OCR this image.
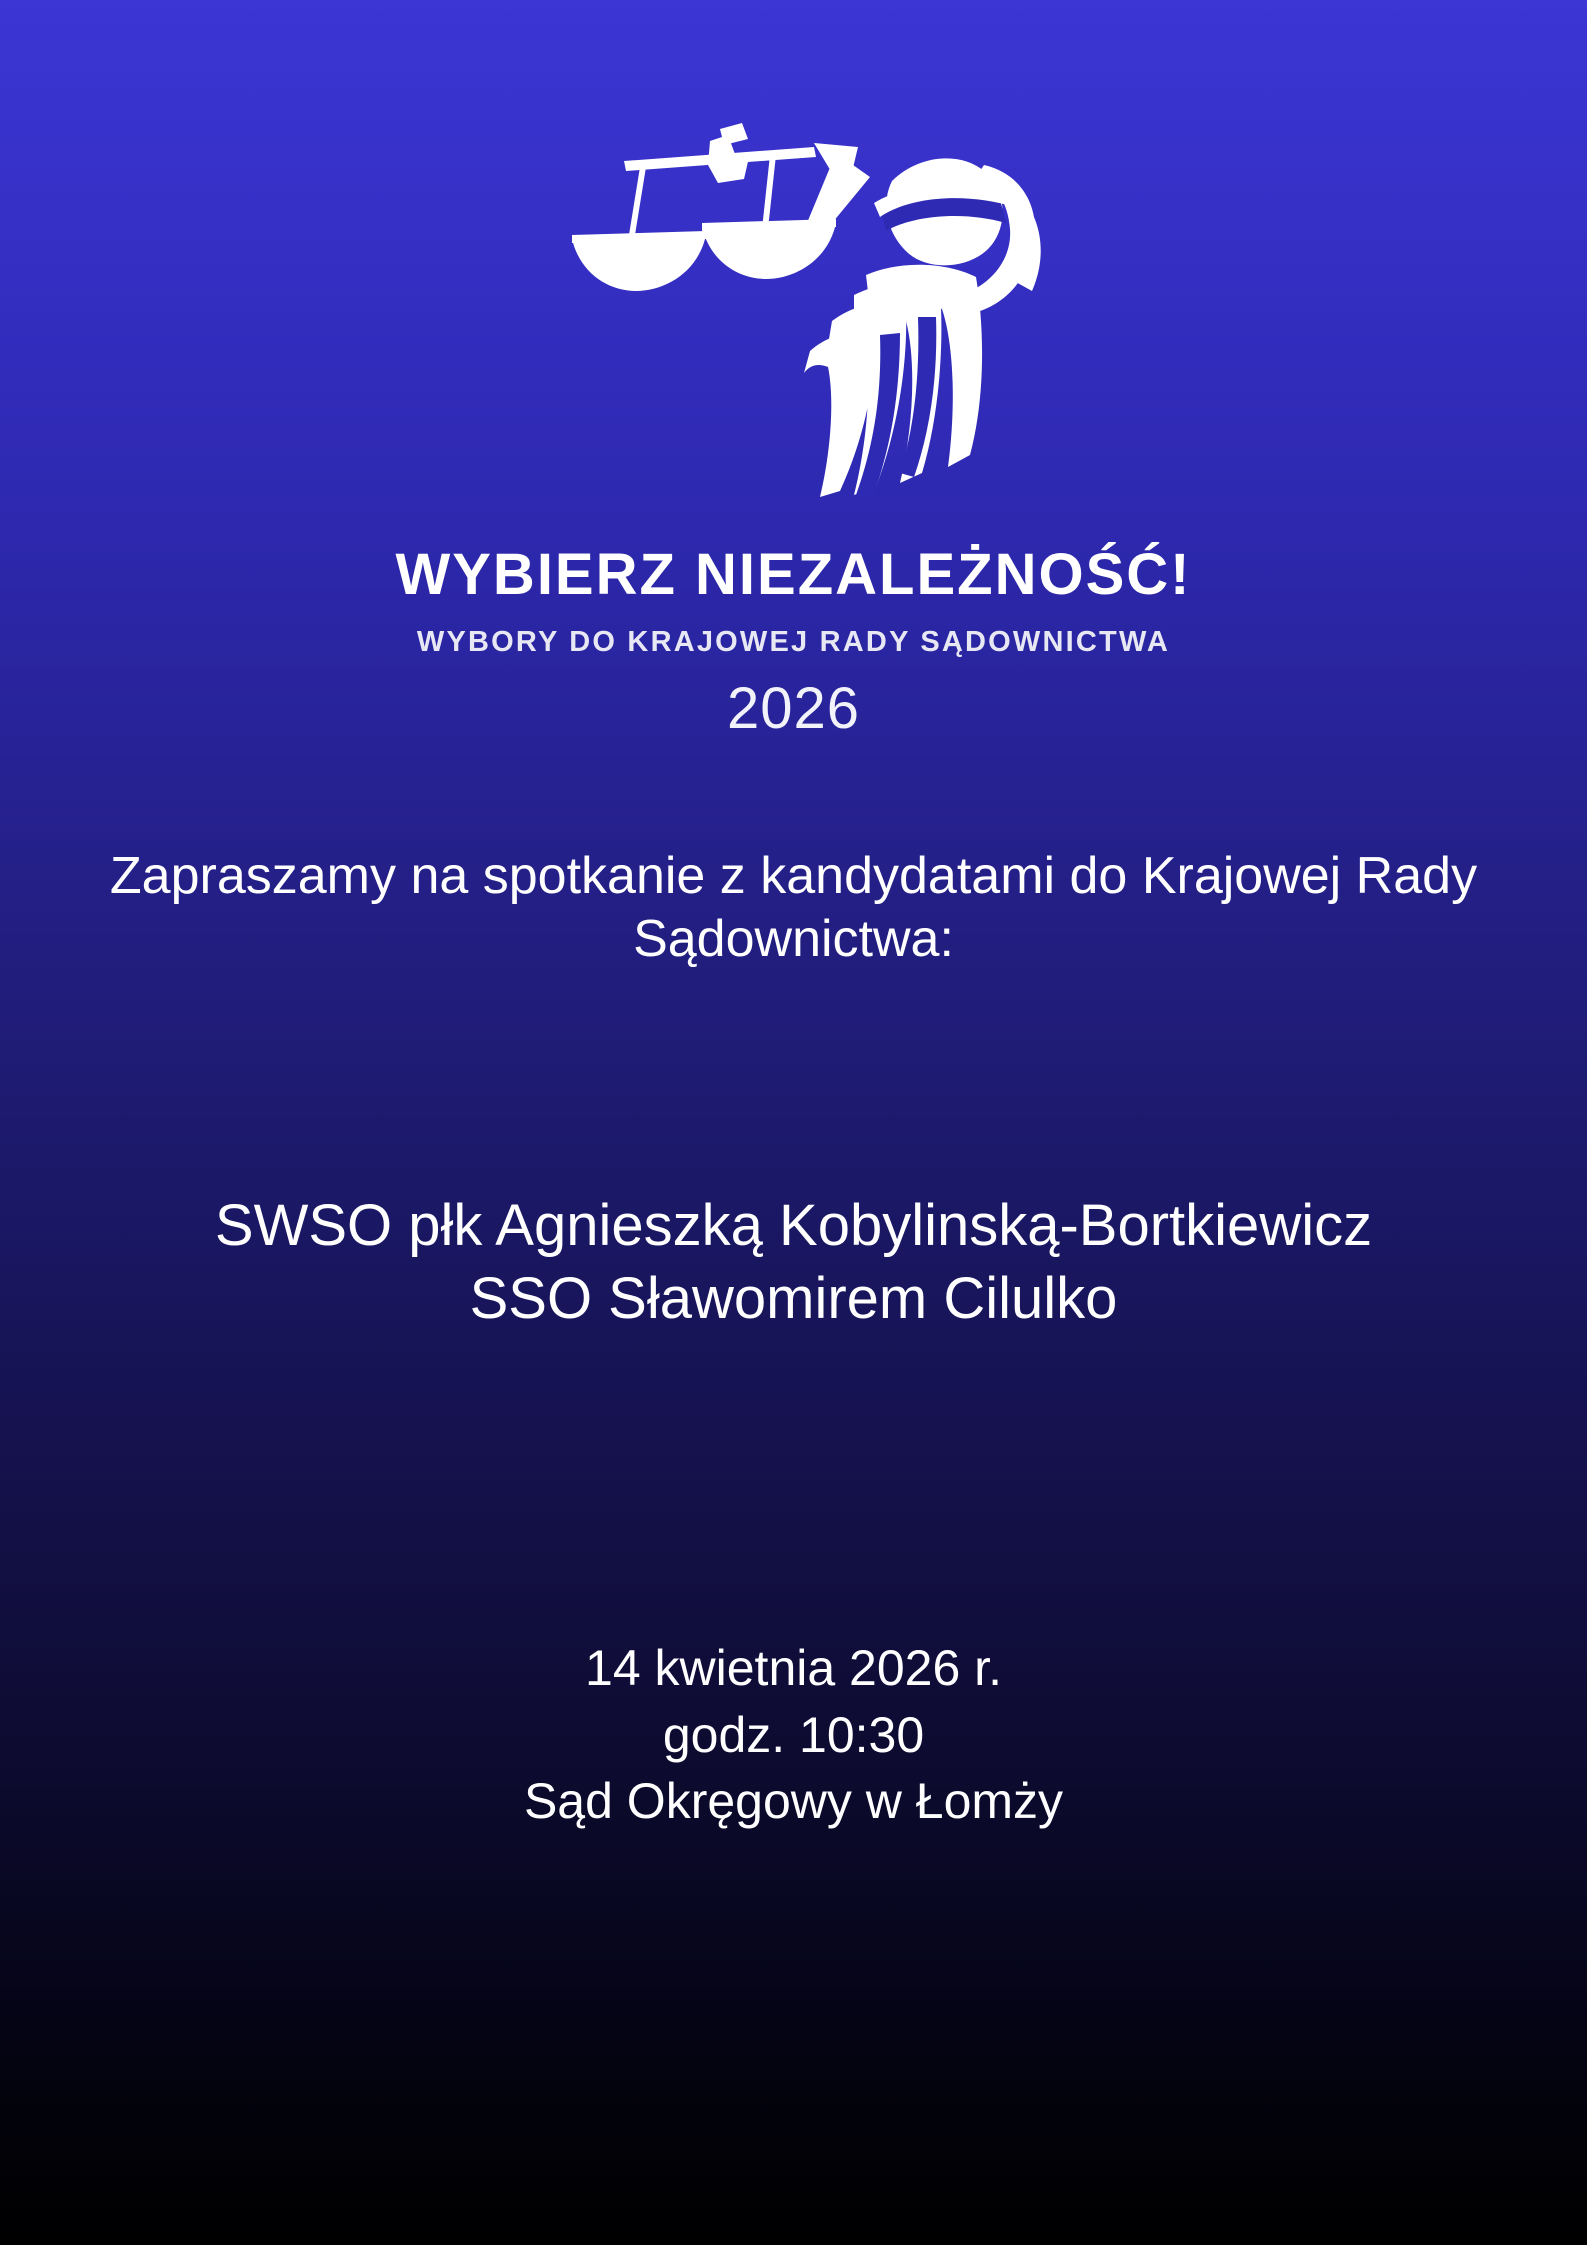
WYBIERZ NIEZALEŻNOŚĆ!
WYBORY DO KRAJOWEJ RADY SĄDOWNICTWA
2026
Zapraszamy na spotkanie z kandydatami do Krajowej Rady Sądownictwa:
SWSO płk Agnieszką Kobylinską-Bortkiewicz
SSO Sławomirem Cilulko
14 kwietnia 2026 r.
godz. 10:30
Sąd Okręgowy w Łomży
